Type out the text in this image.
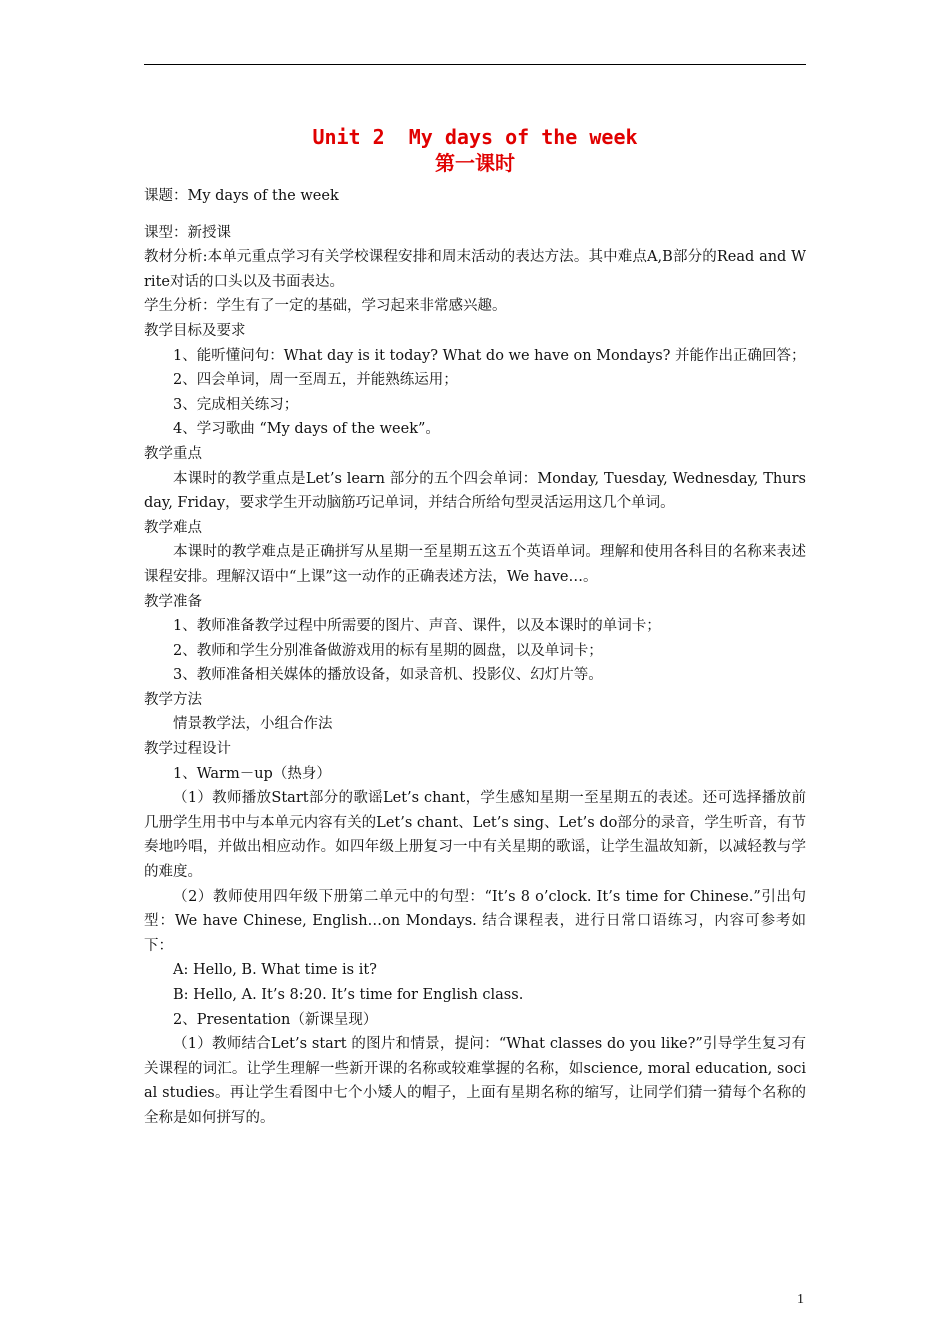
Unit 2  My days of the week

第一课时

课题：My days of the week

课型：新授课

教材分析:本单元重点学习有关学校课程安排和周末活动的表达方法。其中难点A,B部分的Read and Write对话的口头以及书面表达。

学生分析：学生有了一定的基础，学习起来非常感兴趣。

教学目标及要求

1、能听懂问句：What day is it today? What do we have on Mondays? 并能作出正确回答；

2、四会单词，周一至周五，并能熟练运用；

3、完成相关练习；

4、学习歌曲 “My days of the week”。

教学重点

本课时的教学重点是Let’s learn 部分的五个四会单词：Monday, Tuesday, Wednesday, Thursday, Friday，要求学生开动脑筋巧记单词，并结合所给句型灵活运用这几个单词。

教学难点

本课时的教学难点是正确拼写从星期一至星期五这五个英语单词。理解和使用各科目的名称来表述课程安排。理解汉语中“上课”这一动作的正确表述方法，We have…。

教学准备

1、教师准备教学过程中所需要的图片、声音、课件，以及本课时的单词卡；

2、教师和学生分别准备做游戏用的标有星期的圆盘，以及单词卡；

3、教师准备相关媒体的播放设备，如录音机、投影仪、幻灯片等。

教学方法

情景教学法，小组合作法

教学过程设计

1、Warm－up（热身）

（1）教师播放Start部分的歌谣Let’s chant，学生感知星期一至星期五的表述。还可选择播放前几册学生用书中与本单元内容有关的Let’s chant、Let’s sing、Let’s do部分的录音，学生听音，有节奏地吟唱，并做出相应动作。如四年级上册复习一中有关星期的歌谣，让学生温故知新，以减轻教与学的难度。

（2）教师使用四年级下册第二单元中的句型：“It’s 8 o’clock. It’s time for Chinese.”引出句型：We have Chinese, English…on Mondays. 结合课程表，进行日常口语练习，内容可参考如下：

A: Hello, B. What time is it?

B: Hello, A. It’s 8:20. It’s time for English class.

2、Presentation（新课呈现）

（1）教师结合Let’s start 的图片和情景，提问：“What classes do you like?”引导学生复习有关课程的词汇。让学生理解一些新开课的名称或较难掌握的名称，如science, moral education, social studies。再让学生看图中七个小矮人的帽子，上面有星期名称的缩写，让同学们猜一猜每个名称的全称是如何拼写的。

1
